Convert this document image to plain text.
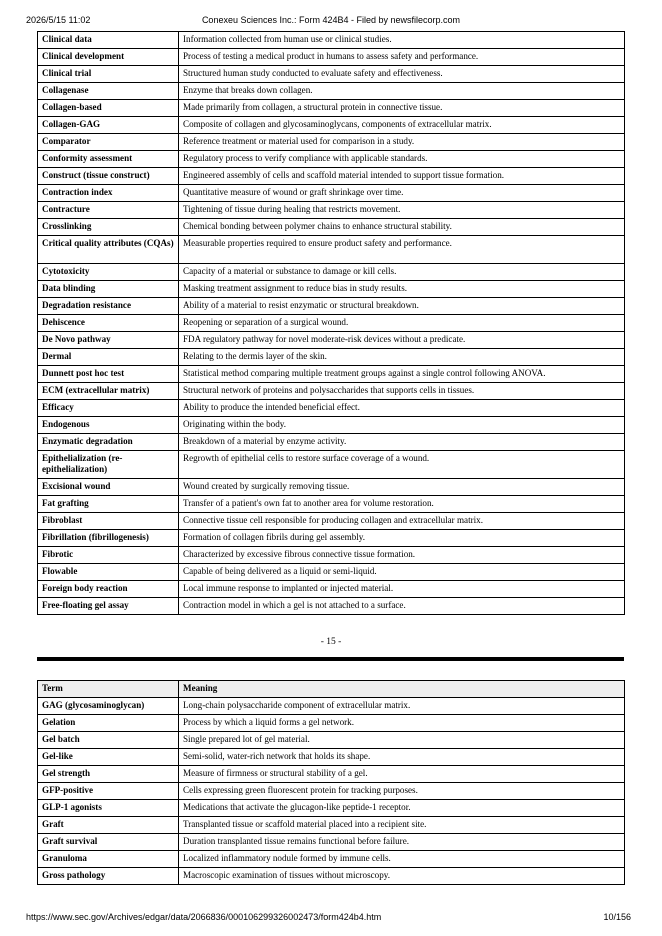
2026/5/15 11:02	Conexeu Sciences Inc.: Form 424B4 - Filed by newsfilecorp.com
Clinical data	Information collected from human use or clinical studies.
Clinical development	Process of testing a medical product in humans to assess safety and performance.
Clinical trial	Structured human study conducted to evaluate safety and effectiveness.
Collagenase	Enzyme that breaks down collagen.
Collagen-based	Made primarily from collagen, a structural protein in connective tissue.
Collagen-GAG	Composite of collagen and glycosaminoglycans, components of extracellular matrix.
Comparator	Reference treatment or material used for comparison in a study.
Conformity assessment	Regulatory process to verify compliance with applicable standards.
Construct (tissue construct)	Engineered assembly of cells and scaffold material intended to support tissue formation.
Contraction index	Quantitative measure of wound or graft shrinkage over time.
Contracture	Tightening of tissue during healing that restricts movement.
Crosslinking	Chemical bonding between polymer chains to enhance structural stability.
Critical quality attributes (CQAs)	Measurable properties required to ensure product safety and performance.
Cytotoxicity	Capacity of a material or substance to damage or kill cells.
Data blinding	Masking treatment assignment to reduce bias in study results.
Degradation resistance	Ability of a material to resist enzymatic or structural breakdown.
Dehiscence	Reopening or separation of a surgical wound.
De Novo pathway	FDA regulatory pathway for novel moderate-risk devices without a predicate.
Dermal	Relating to the dermis layer of the skin.
Dunnett post hoc test	Statistical method comparing multiple treatment groups against a single control following ANOVA.
ECM (extracellular matrix)	Structural network of proteins and polysaccharides that supports cells in tissues.
Efficacy	Ability to produce the intended beneficial effect.
Endogenous	Originating within the body.
Enzymatic degradation	Breakdown of a material by enzyme activity.
Epithelialization (re-epithelialization)	Regrowth of epithelial cells to restore surface coverage of a wound.
Excisional wound	Wound created by surgically removing tissue.
Fat grafting	Transfer of a patient's own fat to another area for volume restoration.
Fibroblast	Connective tissue cell responsible for producing collagen and extracellular matrix.
Fibrillation (fibrillogenesis)	Formation of collagen fibrils during gel assembly.
Fibrotic	Characterized by excessive fibrous connective tissue formation.
Flowable	Capable of being delivered as a liquid or semi-liquid.
Foreign body reaction	Local immune response to implanted or injected material.
Free-floating gel assay	Contraction model in which a gel is not attached to a surface.
- 15 -
Term	Meaning
GAG (glycosaminoglycan)	Long-chain polysaccharide component of extracellular matrix.
Gelation	Process by which a liquid forms a gel network.
Gel batch	Single prepared lot of gel material.
Gel-like	Semi-solid, water-rich network that holds its shape.
Gel strength	Measure of firmness or structural stability of a gel.
GFP-positive	Cells expressing green fluorescent protein for tracking purposes.
GLP-1 agonists	Medications that activate the glucagon-like peptide-1 receptor.
Graft	Transplanted tissue or scaffold material placed into a recipient site.
Graft survival	Duration transplanted tissue remains functional before failure.
Granuloma	Localized inflammatory nodule formed by immune cells.
Gross pathology	Macroscopic examination of tissues without microscopy.
https://www.sec.gov/Archives/edgar/data/2066836/000106299326002473/form424b4.htm	10/156
